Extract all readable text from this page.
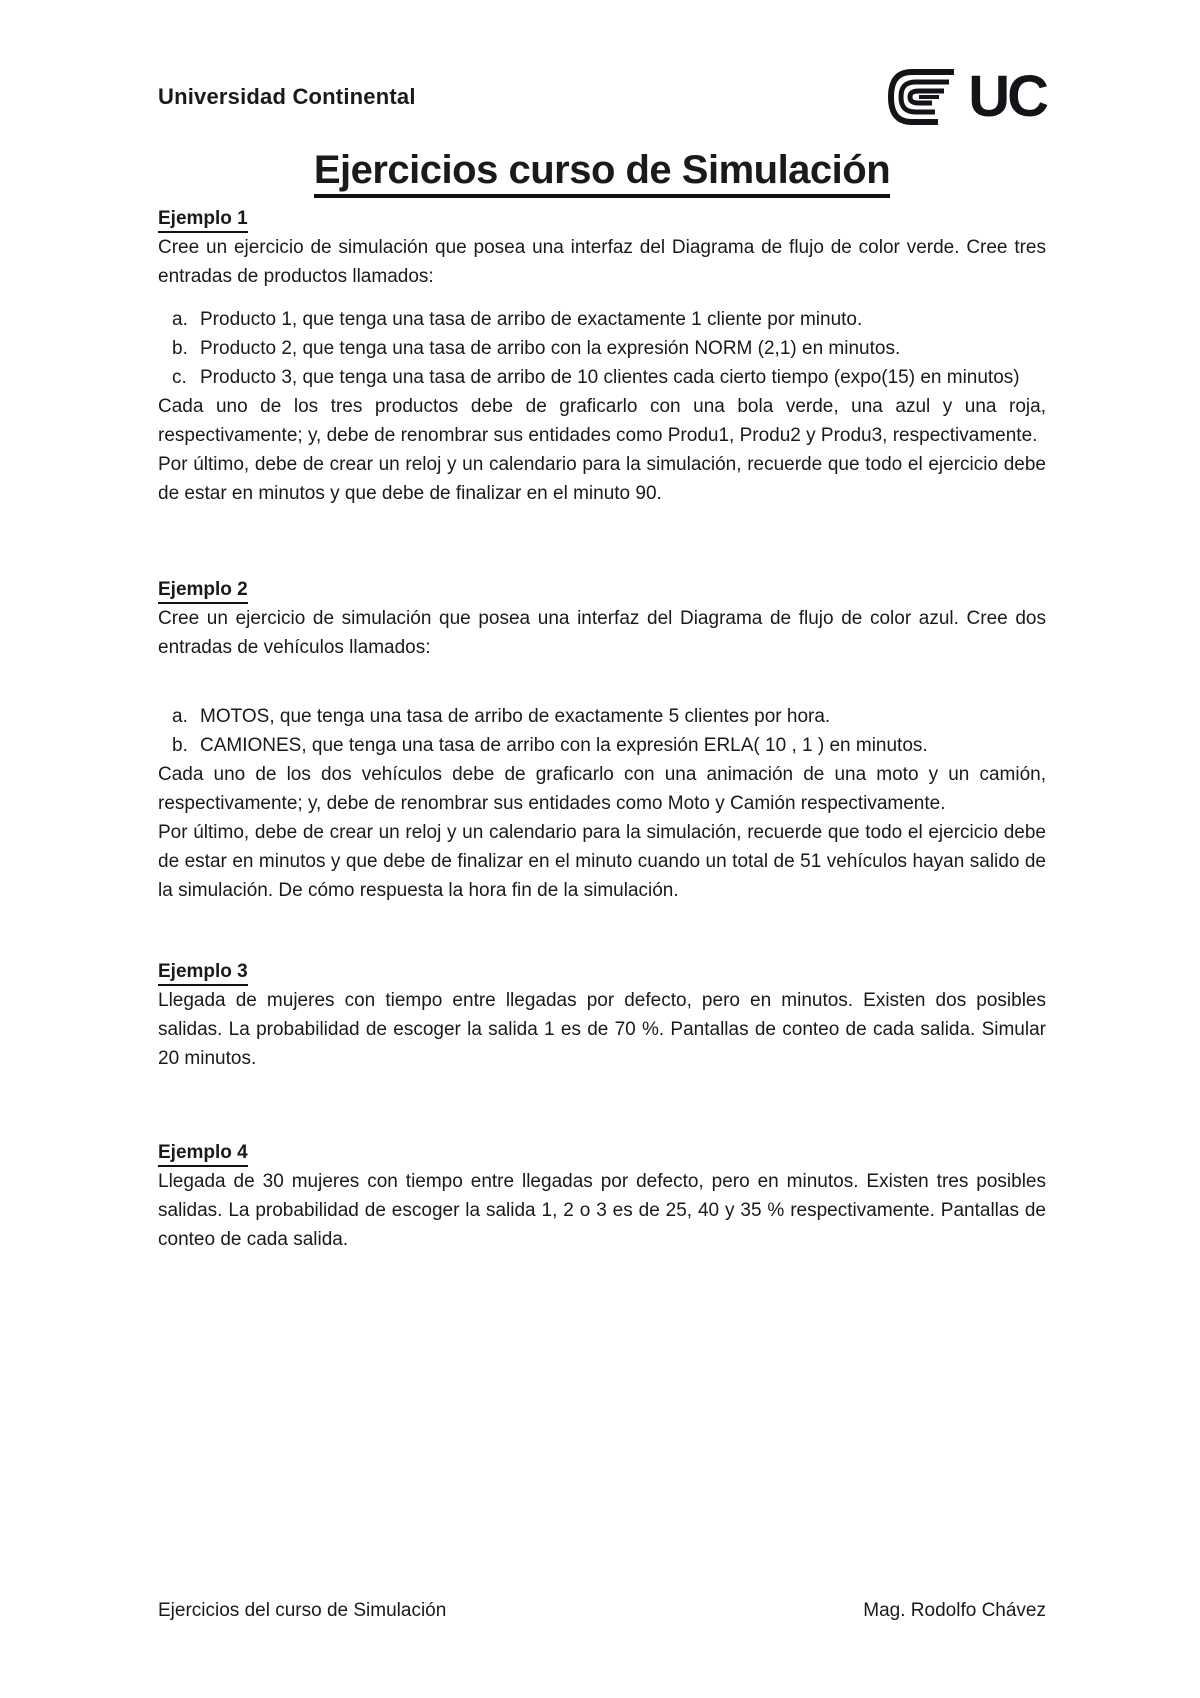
Universidad Continental	UC
Ejercicios curso de Simulación
Ejemplo 1

Cree un ejercicio de simulación que posea una interfaz del Diagrama de flujo de color verde. Cree tres entradas de productos llamados:

a. Producto 1, que tenga una tasa de arribo de exactamente 1 cliente por minuto.
b. Producto 2, que tenga una tasa de arribo con la expresión NORM (2,1) en minutos.
c. Producto 3, que tenga una tasa de arribo de 10 clientes cada cierto tiempo (expo(15) en minutos)

Cada uno de los tres productos debe de graficarlo con una bola verde, una azul y una roja, respectivamente; y, debe de renombrar sus entidades como Produ1, Produ2 y Produ3, respectivamente.

Por último, debe de crear un reloj y un calendario para la simulación, recuerde que todo el ejercicio debe de estar en minutos y que debe de finalizar en el minuto 90.

Ejemplo 2

Cree un ejercicio de simulación que posea una interfaz del Diagrama de flujo de color azul. Cree dos entradas de vehículos llamados:

a. MOTOS, que tenga una tasa de arribo de exactamente 5 clientes por hora.
b. CAMIONES, que tenga una tasa de arribo con la expresión ERLA( 10 , 1 ) en minutos.

Cada uno de los dos vehículos debe de graficarlo con una animación de una moto y un camión, respectivamente; y, debe de renombrar sus entidades como Moto y Camión respectivamente.

Por último, debe de crear un reloj y un calendario para la simulación, recuerde que todo el ejercicio debe de estar en minutos y que debe de finalizar en el minuto cuando un total de 51 vehículos hayan salido de la simulación. De cómo respuesta la hora fin de la simulación.

Ejemplo 3

Llegada de mujeres con tiempo entre llegadas por defecto, pero en minutos. Existen dos posibles salidas. La probabilidad de escoger la salida 1 es de 70 %. Pantallas de conteo de cada salida. Simular 20 minutos.

Ejemplo 4

Llegada de 30 mujeres con tiempo entre llegadas por defecto, pero en minutos. Existen tres posibles salidas. La probabilidad de escoger la salida 1, 2 o 3 es de 25, 40 y 35 % respectivamente. Pantallas de conteo de cada salida.

Ejercicios del curso de Simulación	Mag. Rodolfo Chávez
